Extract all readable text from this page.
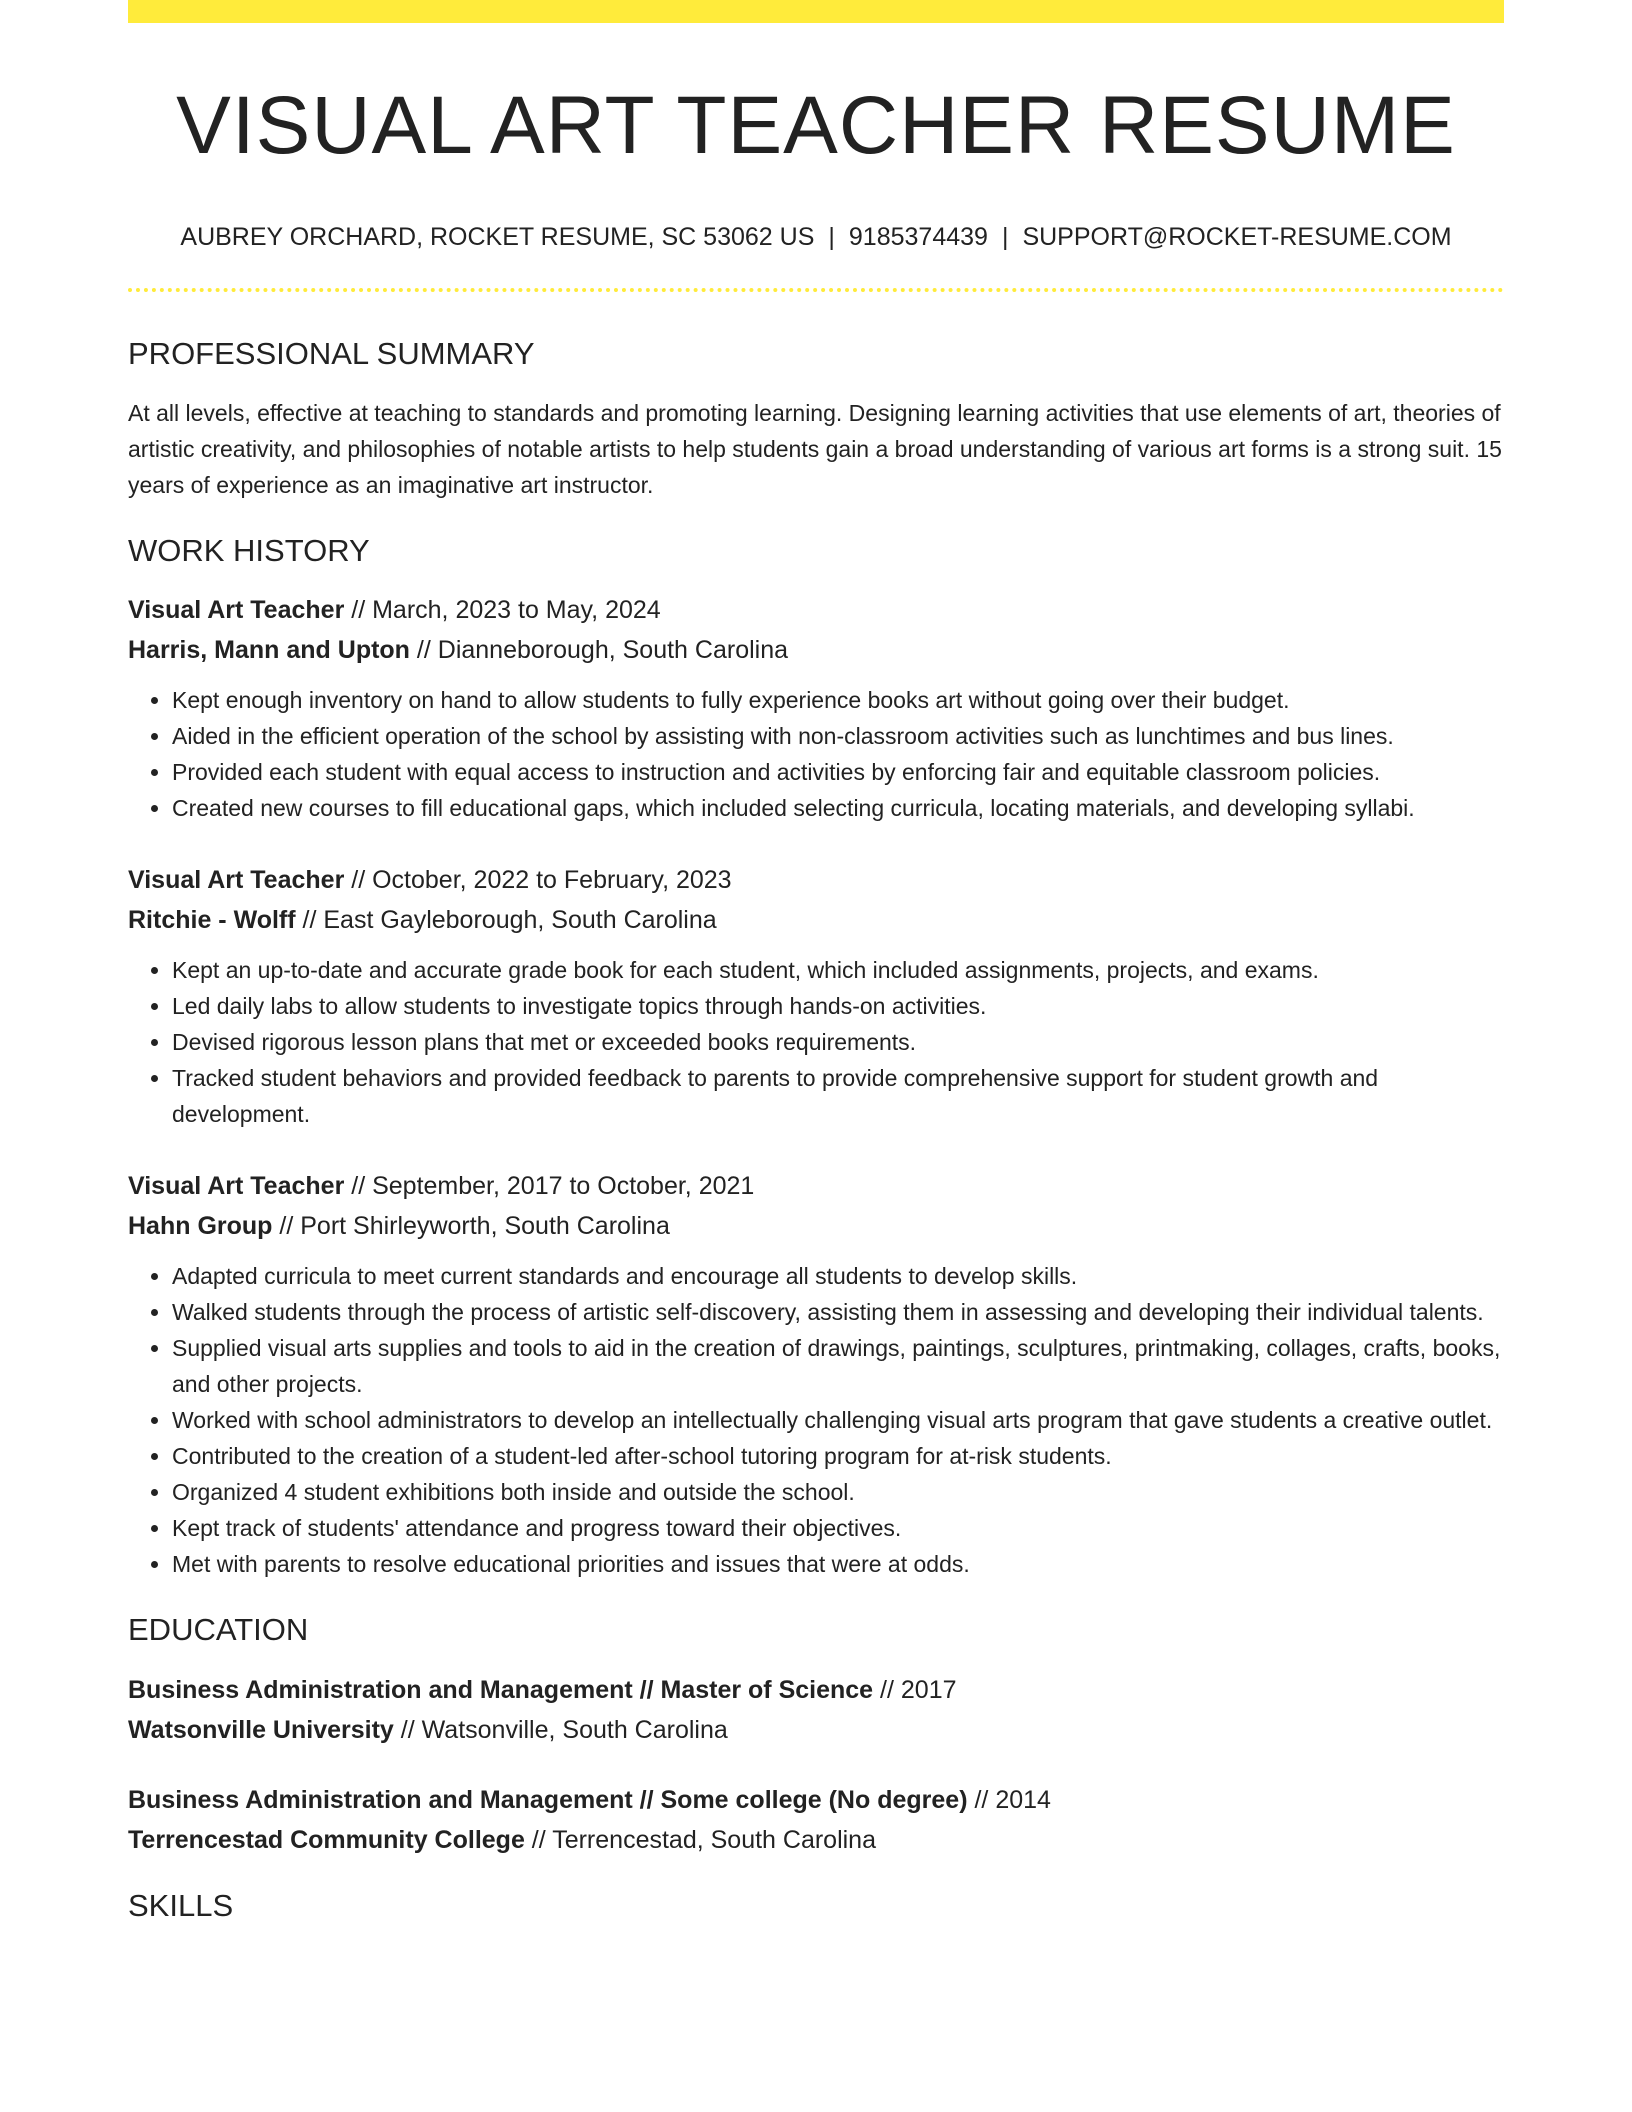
VISUAL ART TEACHER RESUME
AUBREY ORCHARD, ROCKET RESUME, SC 53062 US | 9185374439 | SUPPORT@ROCKET-RESUME.COM
PROFESSIONAL SUMMARY
At all levels, effective at teaching to standards and promoting learning. Designing learning activities that use elements of art, theories of artistic creativity, and philosophies of notable artists to help students gain a broad understanding of various art forms is a strong suit. 15 years of experience as an imaginative art instructor.
WORK HISTORY
Visual Art Teacher // March, 2023 to May, 2024
Harris, Mann and Upton // Dianneborough, South Carolina
• Kept enough inventory on hand to allow students to fully experience books art without going over their budget.
• Aided in the efficient operation of the school by assisting with non-classroom activities such as lunchtimes and bus lines.
• Provided each student with equal access to instruction and activities by enforcing fair and equitable classroom policies.
• Created new courses to fill educational gaps, which included selecting curricula, locating materials, and developing syllabi.
Visual Art Teacher // October, 2022 to February, 2023
Ritchie - Wolff // East Gayleborough, South Carolina
• Kept an up-to-date and accurate grade book for each student, which included assignments, projects, and exams.
• Led daily labs to allow students to investigate topics through hands-on activities.
• Devised rigorous lesson plans that met or exceeded books requirements.
• Tracked student behaviors and provided feedback to parents to provide comprehensive support for student growth and development.
Visual Art Teacher // September, 2017 to October, 2021
Hahn Group // Port Shirleyworth, South Carolina
• Adapted curricula to meet current standards and encourage all students to develop skills.
• Walked students through the process of artistic self-discovery, assisting them in assessing and developing their individual talents.
• Supplied visual arts supplies and tools to aid in the creation of drawings, paintings, sculptures, printmaking, collages, crafts, books, and other projects.
• Worked with school administrators to develop an intellectually challenging visual arts program that gave students a creative outlet.
• Contributed to the creation of a student-led after-school tutoring program for at-risk students.
• Organized 4 student exhibitions both inside and outside the school.
• Kept track of students' attendance and progress toward their objectives.
• Met with parents to resolve educational priorities and issues that were at odds.
EDUCATION
Business Administration and Management // Master of Science // 2017
Watsonville University // Watsonville, South Carolina
Business Administration and Management // Some college (No degree) // 2014
Terrencestad Community College // Terrencestad, South Carolina
SKILLS
